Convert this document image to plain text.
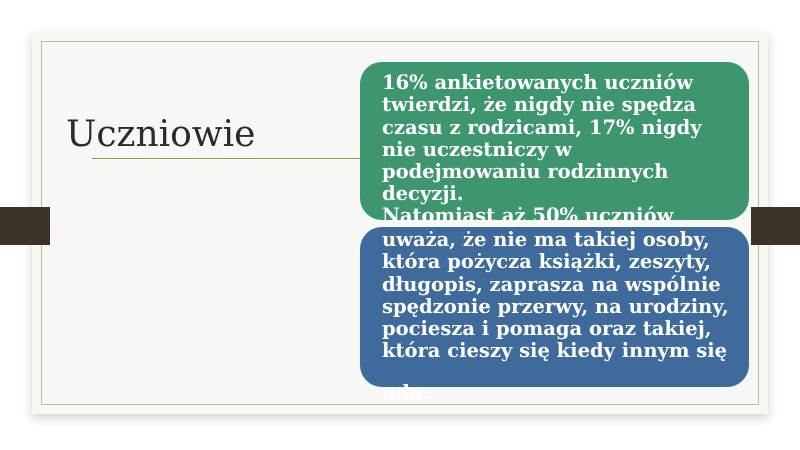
Uczniowie
16% ankietowanych uczniów twierdzi, że nigdy nie spędza czasu z rodzicami, 17% nigdy nie uczestniczy w podejmowaniu rodzinnych decyzji.
uważa, że nie ma takiej osoby, która pożycza książki, zeszyty, długopis, zaprasza na wspólnie spędzonie przerwy, na urodziny, pociesza i pomaga oraz takiej, która cieszy się kiedy innym się
Natomiast aż 50% uczniów
uda.
